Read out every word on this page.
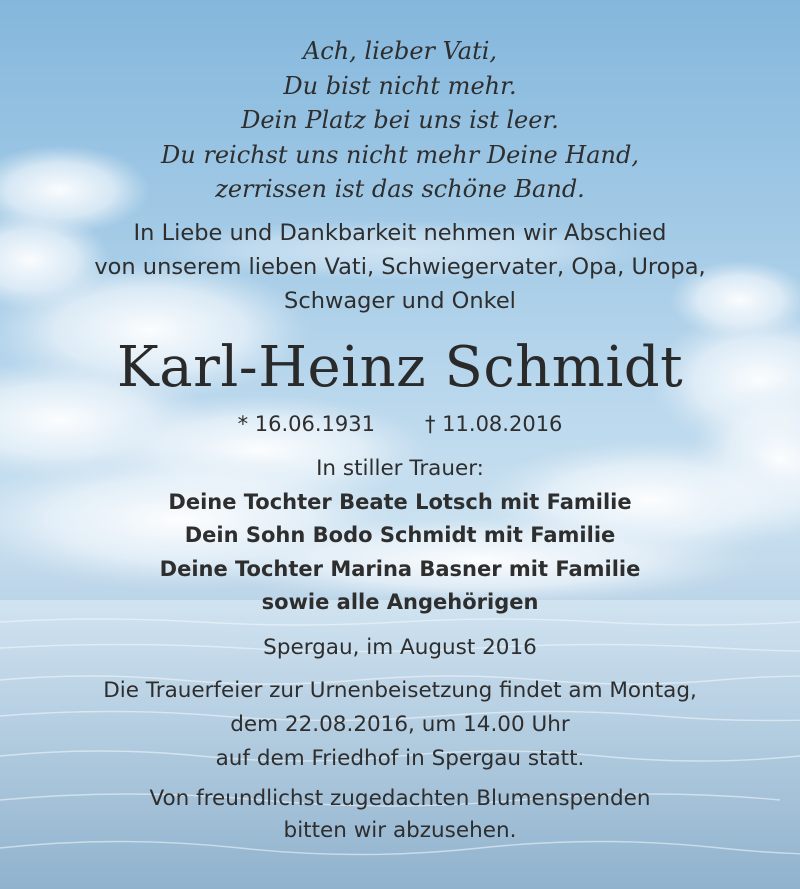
Ach, lieber Vati,
Du bist nicht mehr.
Dein Platz bei uns ist leer.
Du reichst uns nicht mehr Deine Hand,
zerrissen ist das schöne Band.
In Liebe und Dankbarkeit nehmen wir Abschied
von unserem lieben Vati, Schwiegervater, Opa, Uropa,
Schwager und Onkel
Karl-Heinz Schmidt
* 16.06.1931 † 11.08.2016
In stiller Trauer:
Deine Tochter Beate Lotsch mit Familie
Dein Sohn Bodo Schmidt mit Familie
Deine Tochter Marina Basner mit Familie
sowie alle Angehörigen
Spergau, im August 2016
Die Trauerfeier zur Urnenbeisetzung findet am Montag,
dem 22.08.2016, um 14.00 Uhr
auf dem Friedhof in Spergau statt.
Von freundlichst zugedachten Blumenspenden
bitten wir abzusehen.
